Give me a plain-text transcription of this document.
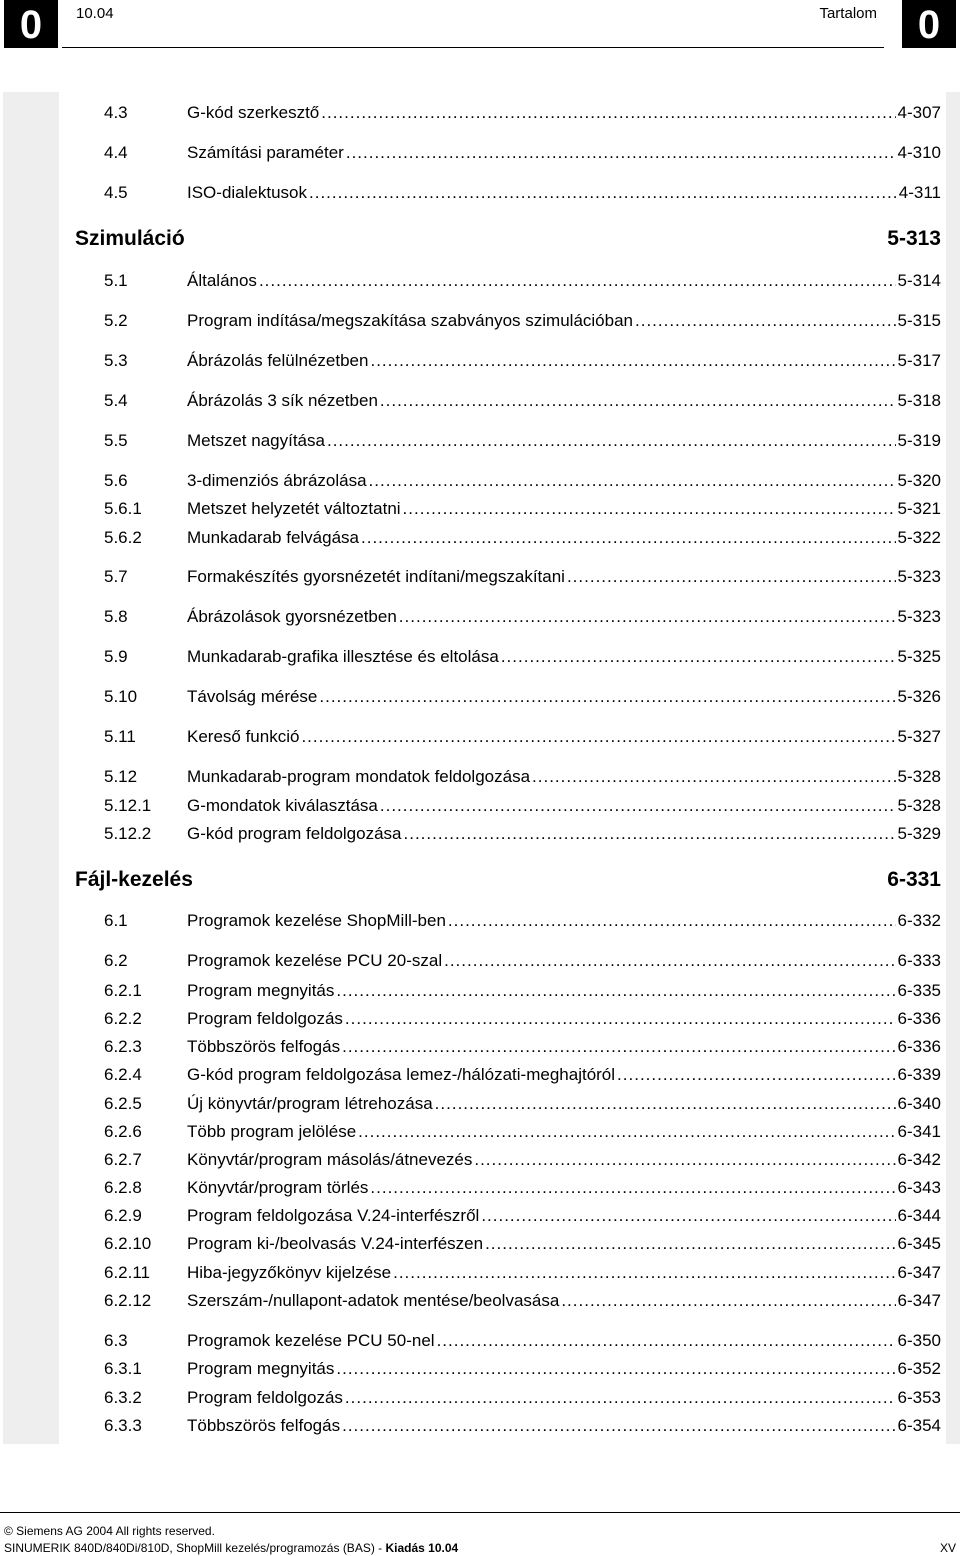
0	10.04	Tartalom	0
4.3	G-kód szerkesztő .....	4-307
4.4	Számítási paraméter .....	4-310
4.5	ISO-dialektusok .....	4-311
Szimuláció	5-313
5.1	Általános .....	5-314
5.2	Program indítása/megszakítása szabványos szimulációban .....	5-315
5.3	Ábrázolás felülnézetben .....	5-317
5.4	Ábrázolás 3 sík nézetben .....	5-318
5.5	Metszet nagyítása .....	5-319
5.6	3-dimenziós ábrázolása .....	5-320
5.6.1	Metszet helyzetét változtatni .....	5-321
5.6.2	Munkadarab felvágása .....	5-322
5.7	Formakészítés gyorsnézetét indítani/megszakítani .....	5-323
5.8	Ábrázolások gyorsnézetben .....	5-323
5.9	Munkadarab-grafika illesztése és eltolása .....	5-325
5.10	Távolság mérése .....	5-326
5.11	Kereső funkció .....	5-327
5.12	Munkadarab-program mondatok feldolgozása .....	5-328
5.12.1 G-mondatok kiválasztása .....	5-328
5.12.2 G-kód program feldolgozása .....	5-329
Fájl-kezelés	6-331
6.1	Programok kezelése ShopMill-ben .....	6-332
6.2	Programok kezelése PCU 20-szal .....	6-333
6.2.1	Program megnyitás .....	6-335
6.2.2	Program feldolgozás .....	6-336
6.2.3	Többszörös felfogás .....	6-336
6.2.4	G-kód program feldolgozása lemez-/hálózati-meghajtóról .....	6-339
6.2.5	Új könyvtár/program létrehozása .....	6-340
6.2.6	Több program jelölése .....	6-341
6.2.7	Könyvtár/program másolás/átnevezés .....	6-342
6.2.8	Könyvtár/program törlés .....	6-343
6.2.9	Program feldolgozása V.24-interfészről .....	6-344
6.2.10 Program ki-/beolvasás V.24-interfészen .....	6-345
6.2.11 Hiba-jegyzőkönyv kijelzése .....	6-347
6.2.12 Szerszám-/nullapont-adatok mentése/beolvasása .....	6-347
6.3	Programok kezelése PCU 50-nel .....	6-350
6.3.1	Program megnyitás .....	6-352
6.3.2	Program feldolgozás .....	6-353
6.3.3	Többszörös felfogás .....	6-354
© Siemens AG 2004 All rights reserved.
SINUMERIK 840D/840Di/810D, ShopMill kezelés/programozás (BAS) - Kiadás 10.04	XV
